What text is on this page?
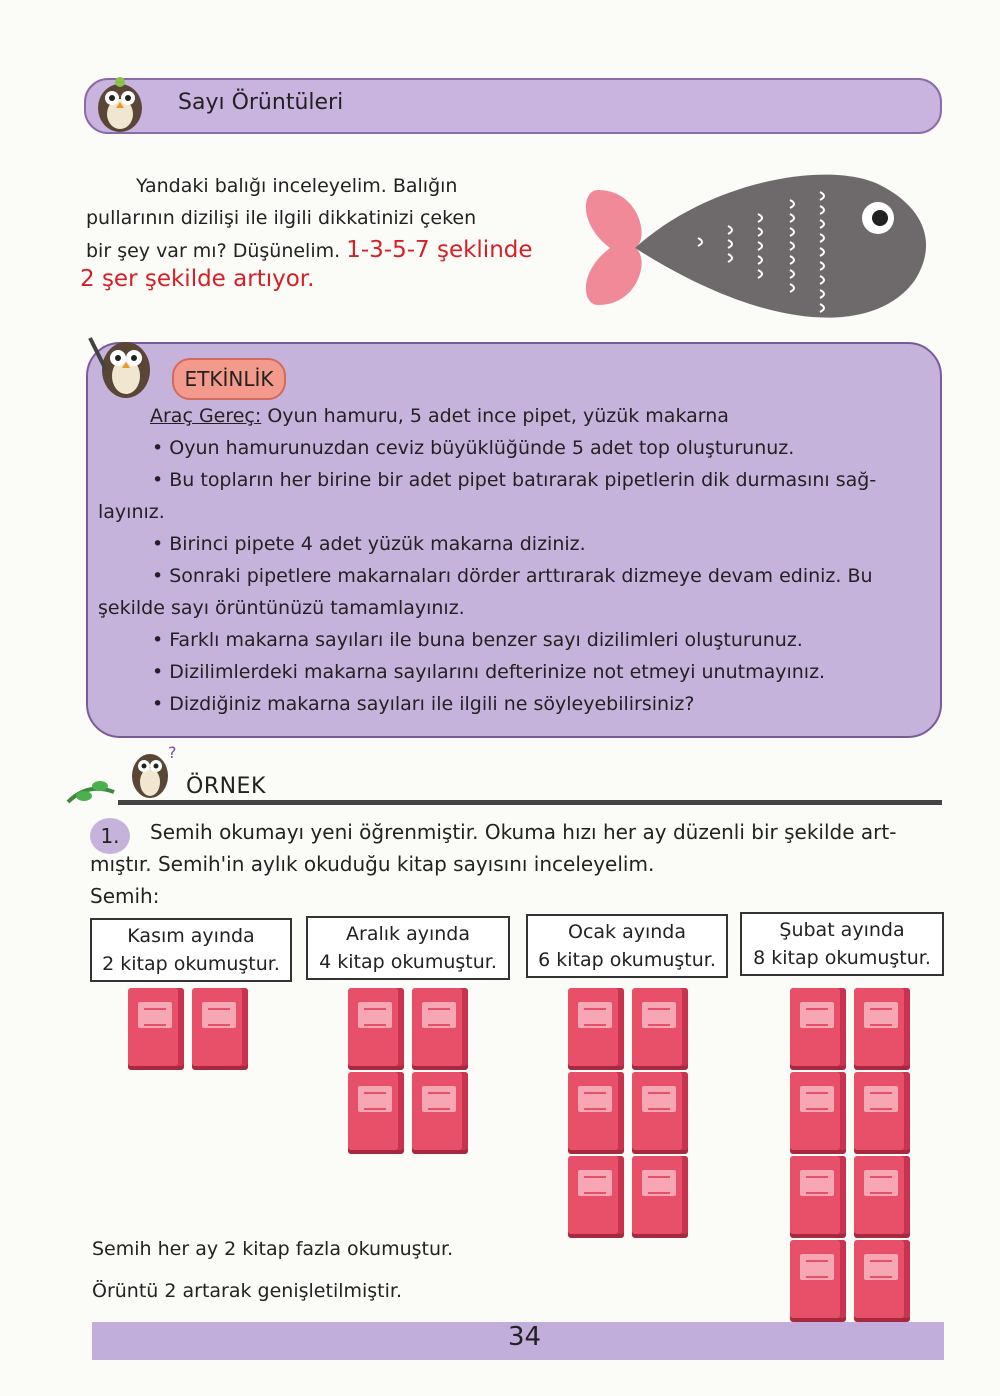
Sayı Örüntüleri

Yandaki balığı inceleyelim. Balığın

pullarının dizilişi ile ilgili dikkatinizi çeken

bir şey var mı? Düşünelim. 1-3-5-7 şeklinde

2 şer şekilde artıyor.
ETKİNLİK

Araç Gereç: Oyun hamuru, 5 adet ince pipet, yüzük makarna

• Oyun hamurunuzdan ceviz büyüklüğünde 5 adet top oluşturunuz.

• Bu topların her birine bir adet pipet batırarak pipetlerin dik durmasını sağ-

layınız.

• Birinci pipete 4 adet yüzük makarna diziniz.

• Sonraki pipetlere makarnaları dörder arttırarak dizmeye devam ediniz. Bu

şekilde sayı örüntünüzü tamamlayınız.

• Farklı makarna sayıları ile buna benzer sayı dizilimleri oluşturunuz.

• Dizilimlerdeki makarna sayılarını defterinize not etmeyi unutmayınız.

• Dizdiğiniz makarna sayıları ile ilgili ne söyleyebilirsiniz?

?
ÖRNEK
1.	Semih okumayı yeni öğrenmiştir. Okuma hızı her ay düzenli bir şekilde art-

mıştır. Semih'in aylık okuduğu kitap sayısını inceleyelim.

Semih:

Kasım ayında
2 kitap okumuştur.
Aralık ayında
4 kitap okumuştur.
Ocak ayında
6 kitap okumuştur.
Şubat ayında
8 kitap okumuştur.
Semih her ay 2 kitap fazla okumuştur.
Örüntü 2 artarak genişletilmiştir.
34
